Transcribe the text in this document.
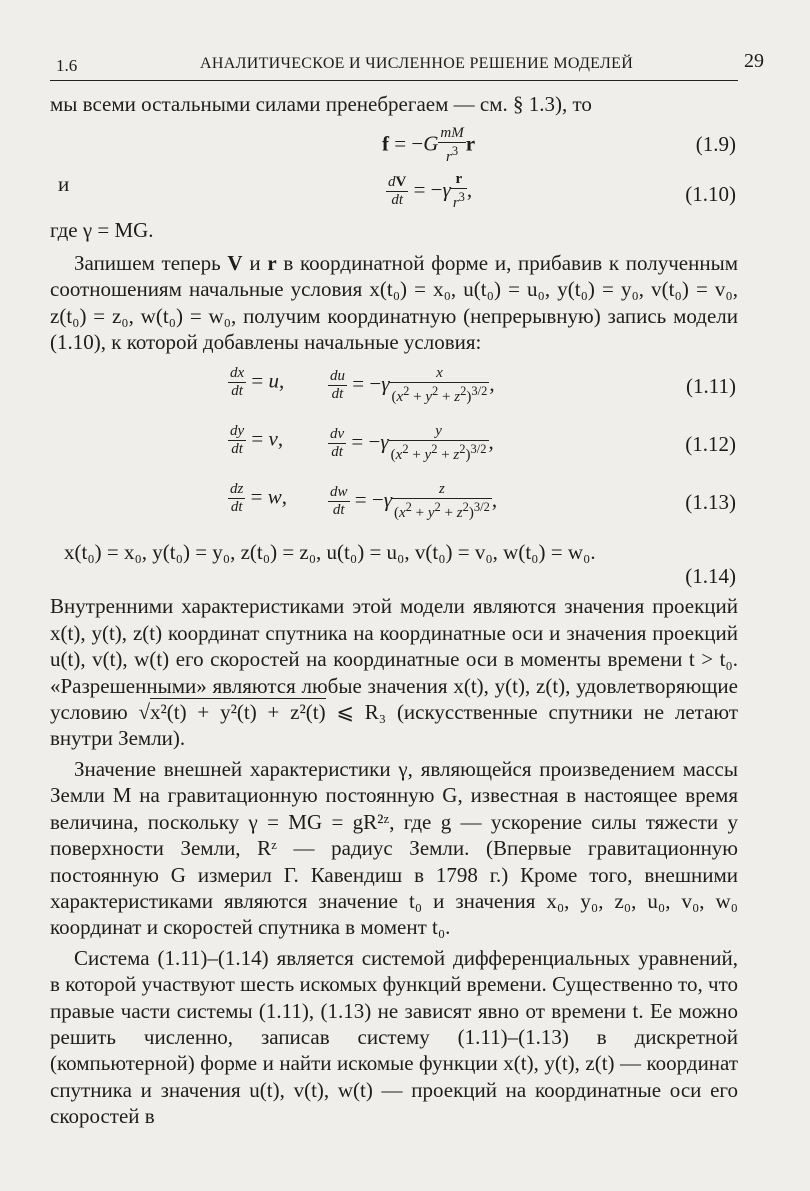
1.6	АНАЛИТИЧЕСКОЕ И ЧИСЛЕННОЕ РЕШЕНИЕ МОДЕЛЕЙ	29

мы всеми остальными силами пренебрегаем — см. § 1.3), то

$f = -G \frac{mM}{r^3}$ r	(1.9)
и	$\frac{dV}{dt} = -\gamma \frac{r}{r^3}$ ,	(1.10)

где γ = MG.

Запишем теперь V и r в координатной форме и, прибавив к полученным соотношениям начальные условия x(t₀) = x₀, u(t₀) = u₀, y(t₀) = y₀, v(t₀) = v₀, z(t₀) = z₀, w(t₀) = w₀, получим координатную (непрерывную) запись модели (1.10), к которой добавлены начальные условия:

$\frac{dx}{dt} = u$,	$\frac{du}{dt} = -\gamma \frac{x}{(x^2 + y^2 + z^2)^{3/2}}$ ,	(1.11)
$\frac{dy}{dt} = v$,	$\frac{dv}{dt} = -\gamma \frac{y}{(x^2 + y^2 + z^2)^{3/2}}$ ,	(1.12)
$\frac{dz}{dt} = w$,	$\frac{dw}{dt} = -\gamma \frac{z}{(x^2 + y^2 + z^2)^{3/2}}$ ,	(1.13)
x(t₀) = x₀, y(t₀) = y₀, z(t₀) = z₀, u(t₀) = u₀, v(t₀) = v₀, w(t₀) = w₀.
(1.14)

Внутренними характеристиками этой модели являются значения проекций x(t), y(t), z(t) координат спутника на координатные оси и значения проекций u(t), v(t), w(t) его скоростей на координатные оси в моменты времени t > t₀. «Разрешенными» являются любые значения x(t), y(t), z(t), удовлетворяющие условию √x²(t) + y²(t) + z²(t) ⩽ R₃ (искусственные спутники не летают внутри Земли).

Значение внешней характеристики γ, являющейся произведением массы Земли M на гравитационную постоянную G, известная в настоящее время величина, поскольку γ = MG = gR²ᶻ, где g — ускорение силы тяжести у поверхности Земли, Rᶻ — радиус Земли. (Впервые гравитационную постоянную G измерил Г. Кавендиш в 1798 г.) Кроме того, внешними характеристиками являются значение t₀ и значения x₀, y₀, z₀, u₀, v₀, w₀ координат и скоростей спутника в момент t₀.

Система (1.11)–(1.14) является системой дифференциальных уравнений, в которой участвуют шесть искомых функций времени. Существенно то, что правые части системы (1.11), (1.13) не зависят явно от времени t. Ее можно решить численно, записав систему (1.11)–(1.13) в дискретной (компьютерной) форме и найти искомые функции x(t), y(t), z(t) — координат спутника и значения u(t), v(t), w(t) — проекций на координатные оси его скоростей в
